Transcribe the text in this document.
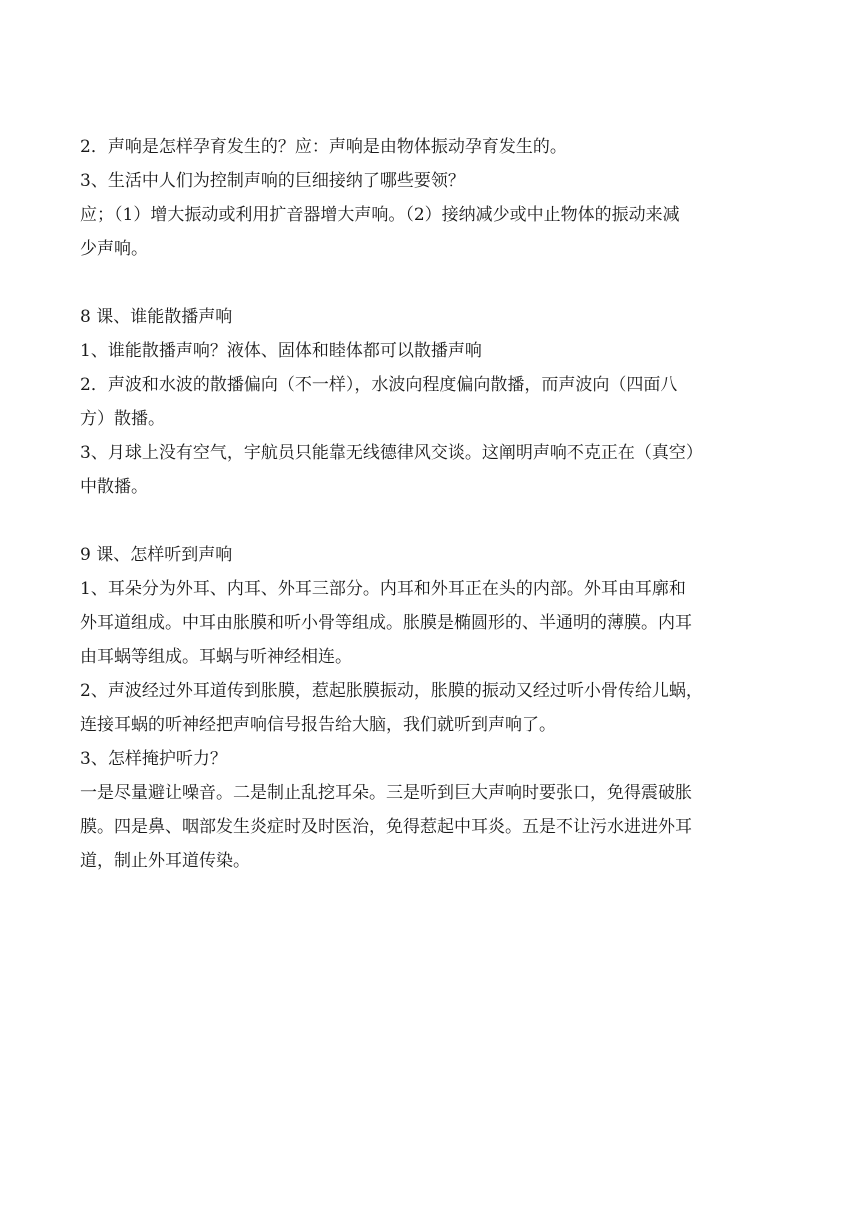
2．声响是怎样孕育发生的？应：声响是由物体振动孕育发生的。

3、生活中人们为控制声响的巨细接纳了哪些要领？

应；（1）增大振动或利用扩音器增大声响。（2）接纳减少或中止物体的振动来减

少声响。

8 课、谁能散播声响

1、谁能散播声响？液体、固体和睦体都可以散播声响

2．声波和水波的散播偏向（不一样），水波向程度偏向散播，而声波向（四面八

方）散播。

3、月球上没有空气，宇航员只能靠无线德律风交谈。这阐明声响不克正在（真空）

中散播。

9 课、怎样听到声响

1、耳朵分为外耳、内耳、外耳三部分。内耳和外耳正在头的内部。外耳由耳廓和

外耳道组成。中耳由胀膜和听小骨等组成。胀膜是椭圆形的、半通明的薄膜。内耳

由耳蜗等组成。耳蜗与听神经相连。

2、声波经过外耳道传到胀膜，惹起胀膜振动，胀膜的振动又经过听小骨传给儿蜗，

连接耳蜗的听神经把声响信号报告给大脑，我们就听到声响了。

3、怎样掩护听力？

一是尽量避让噪音。二是制止乱挖耳朵。三是听到巨大声响时要张口，免得震破胀

膜。四是鼻、咽部发生炎症时及时医治，免得惹起中耳炎。五是不让污水进进外耳

道，制止外耳道传染。
